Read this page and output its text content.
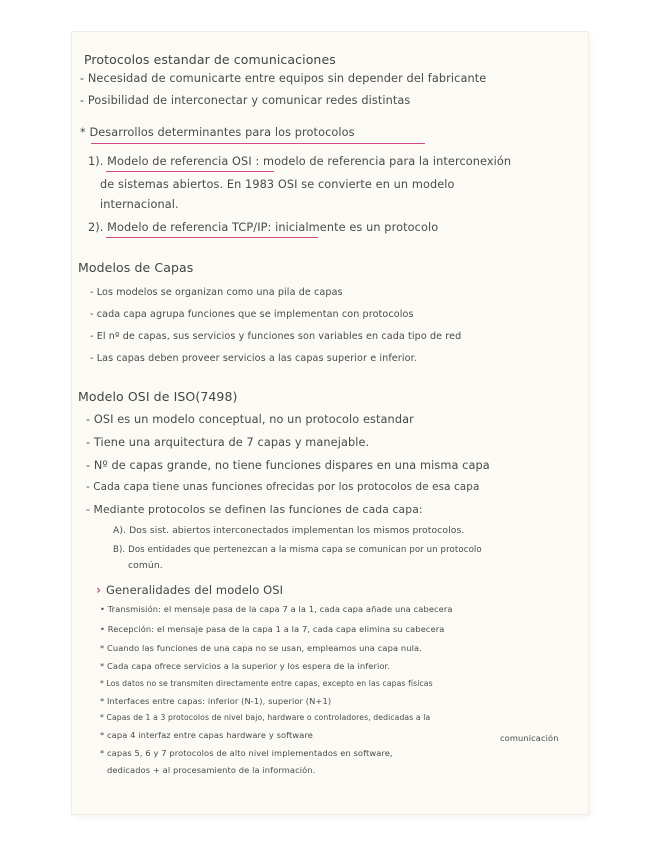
Protocolos estandar de comunicaciones
- Necesidad de comunicarte entre equipos sin depender del fabricante
- Posibilidad de interconectar y comunicar redes distintas
* Desarrollos determinantes para los protocolos
1). Modelo de referencia OSI : modelo de referencia para la interconexión
de sistemas abiertos. En 1983 OSI se convierte en un modelo
internacional.
2). Modelo de referencia TCP/IP: inicialmente es un protocolo
Modelos de Capas
- Los modelos se organizan como una pila de capas
- cada capa agrupa funciones que se implementan con protocolos
- El nº de capas, sus servicios y funciones son variables en cada tipo de red
- Las capas deben proveer servicios a las capas superior e inferior.
Modelo OSI de ISO(7498)
- OSI es un modelo conceptual, no un protocolo estandar
- Tiene una arquitectura de 7 capas y manejable.
- Nº de capas grande, no tiene funciones dispares en una misma capa
- Cada capa tiene unas funciones ofrecidas por los protocolos de esa capa
- Mediante protocolos se definen las funciones de cada capa:
A). Dos sist. abiertos interconectados implementan los mismos protocolos.
B). Dos entidades que pertenezcan a la misma capa se comunican por un protocolo
común.
› Generalidades del modelo OSI
• Transmisión: el mensaje pasa de la capa 7 a la 1, cada capa añade una cabecera
• Recepción: el mensaje pasa de la capa 1 a la 7, cada capa elimina su cabecera
* Cuando las funciones de una capa no se usan, empleamos una capa nula.
* Cada capa ofrece servicios a la superior y los espera de la inferior.
* Los datos no se transmiten directamente entre capas, excepto en las capas físicas
* Interfaces entre capas: inferior (N-1), superior (N+1)
* Capas de 1 a 3 protocolos de nivel bajo, hardware o controladores, dedicadas a la
* capa 4 interfaz entre capas hardware y software	comunicación
* capas 5, 6 y 7 protocolos de alto nivel implementados en software,
dedicados + al procesamiento de la información.
